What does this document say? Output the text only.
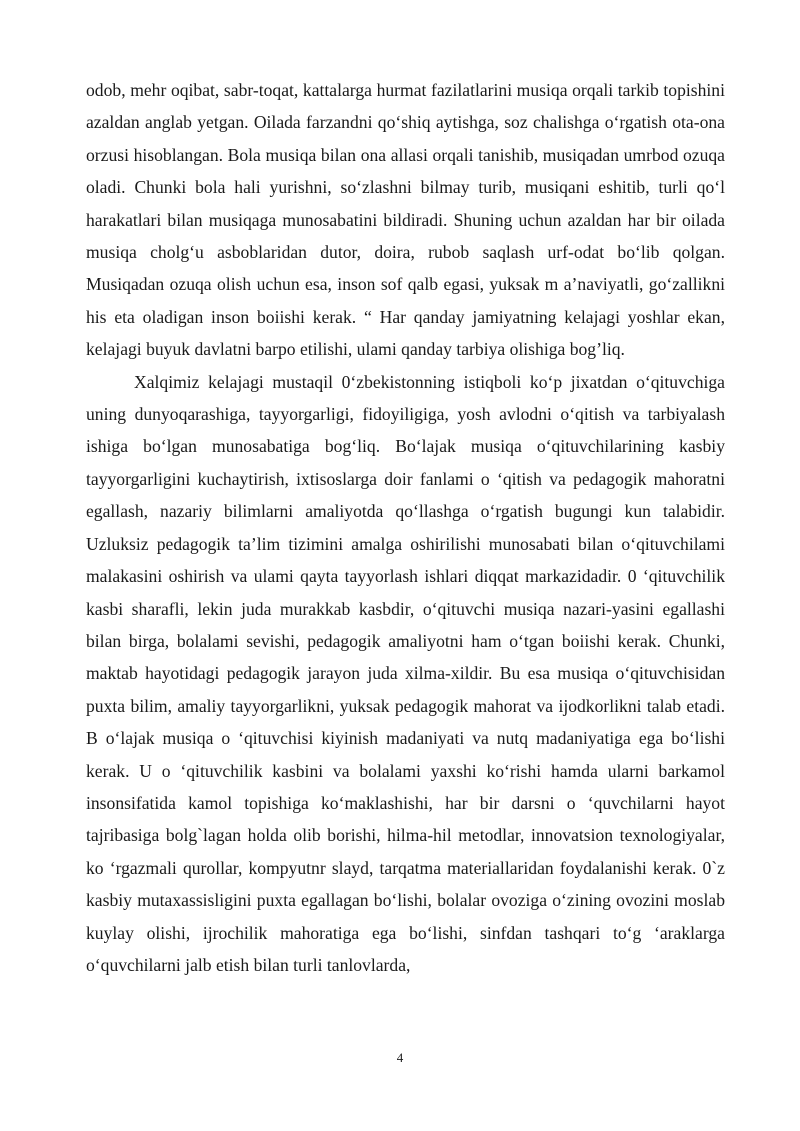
odob, mehr oqibat, sabr-toqat, kattalarga hurmat fazilatlarini musiqa orqali tarkib topishini azaldan anglab yetgan. Oilada farzandni qo‘shiq aytishga, soz chalishga o‘rgatish ota-ona orzusi hisoblangan. Bola musiqa bilan ona allasi orqali tanishib, musiqadan umrbod ozuqa oladi. Chunki bola hali yurishni, so‘zlashni bilmay turib, musiqani eshitib, turli qo‘l harakatlari bilan musiqaga munosabatini bildiradi. Shuning uchun azaldan har bir oilada musiqa cholg‘u asboblaridan dutor, doira, rubob saqlash urf-odat bo‘lib qolgan. Musiqadan ozuqa olish uchun esa, inson sof qalb egasi, yuksak m a’naviyatli, go‘zallikni his eta oladigan inson boiishi kerak. “ Har qanday jamiyatning kelajagi yoshlar ekan, kelajagi buyuk davlatni barpo etilishi, ulami qanday tarbiya olishiga bog’liq.

Xalqimiz kelajagi mustaqil 0‘zbekistonning istiqboli ko‘p jixatdan o‘qituvchiga uning dunyoqarashiga, tayyorgarligi, fidoyiligiga, yosh avlodni o‘qitish va tarbiyalash ishiga bo‘lgan munosabatiga bog‘liq. Bo‘lajak musiqa o‘qituvchilarining kasbiy tayyorgarligini kuchaytirish, ixtisoslarga doir fanlami o ‘qitish va pedagogik mahoratni egallash, nazariy bilimlarni amaliyotda qo‘llashga o‘rgatish bugungi kun talabidir. Uzluksiz pedagogik ta’lim tizimini amalga oshirilishi munosabati bilan o‘qituvchilami malakasini oshirish va ulami qayta tayyorlash ishlari diqqat markazidadir. 0 ‘qituvchilik kasbi sharafli, lekin juda murakkab kasbdir, o‘qituvchi musiqa nazari-yasini egallashi bilan birga, bolalami sevishi, pedagogik amaliyotni ham o‘tgan boiishi kerak. Chunki, maktab hayotidagi pedagogik jarayon juda xilma-xildir. Bu esa musiqa o‘qituvchisidan puxta bilim, amaliy tayyorgarlikni, yuksak pedagogik mahorat va ijodkorlikni talab etadi. B o‘lajak musiqa o ‘qituvchisi kiyinish madaniyati va nutq madaniyatiga ega bo‘lishi kerak. U o ‘qituvchilik kasbini va bolalami yaxshi ko‘rishi hamda ularni barkamol insonsifatida kamol topishiga ko‘maklashishi, har bir darsni o ‘quvchilarni hayot tajribasiga bolg`lagan holda olib borishi, hilma-hil metodlar, innovatsion texnologiyalar, ko ‘rgazmali qurollar, kompyutnr slayd, tarqatma materiallaridan foydalanishi kerak. 0`z kasbiy mutaxassisligini puxta egallagan bo‘lishi, bolalar ovoziga o‘zining ovozini moslab kuylay olishi, ijrochilik mahoratiga ega bo‘lishi, sinfdan tashqari to‘g ‘araklarga o‘quvchilarni jalb etish bilan turli tanlovlarda,

4
